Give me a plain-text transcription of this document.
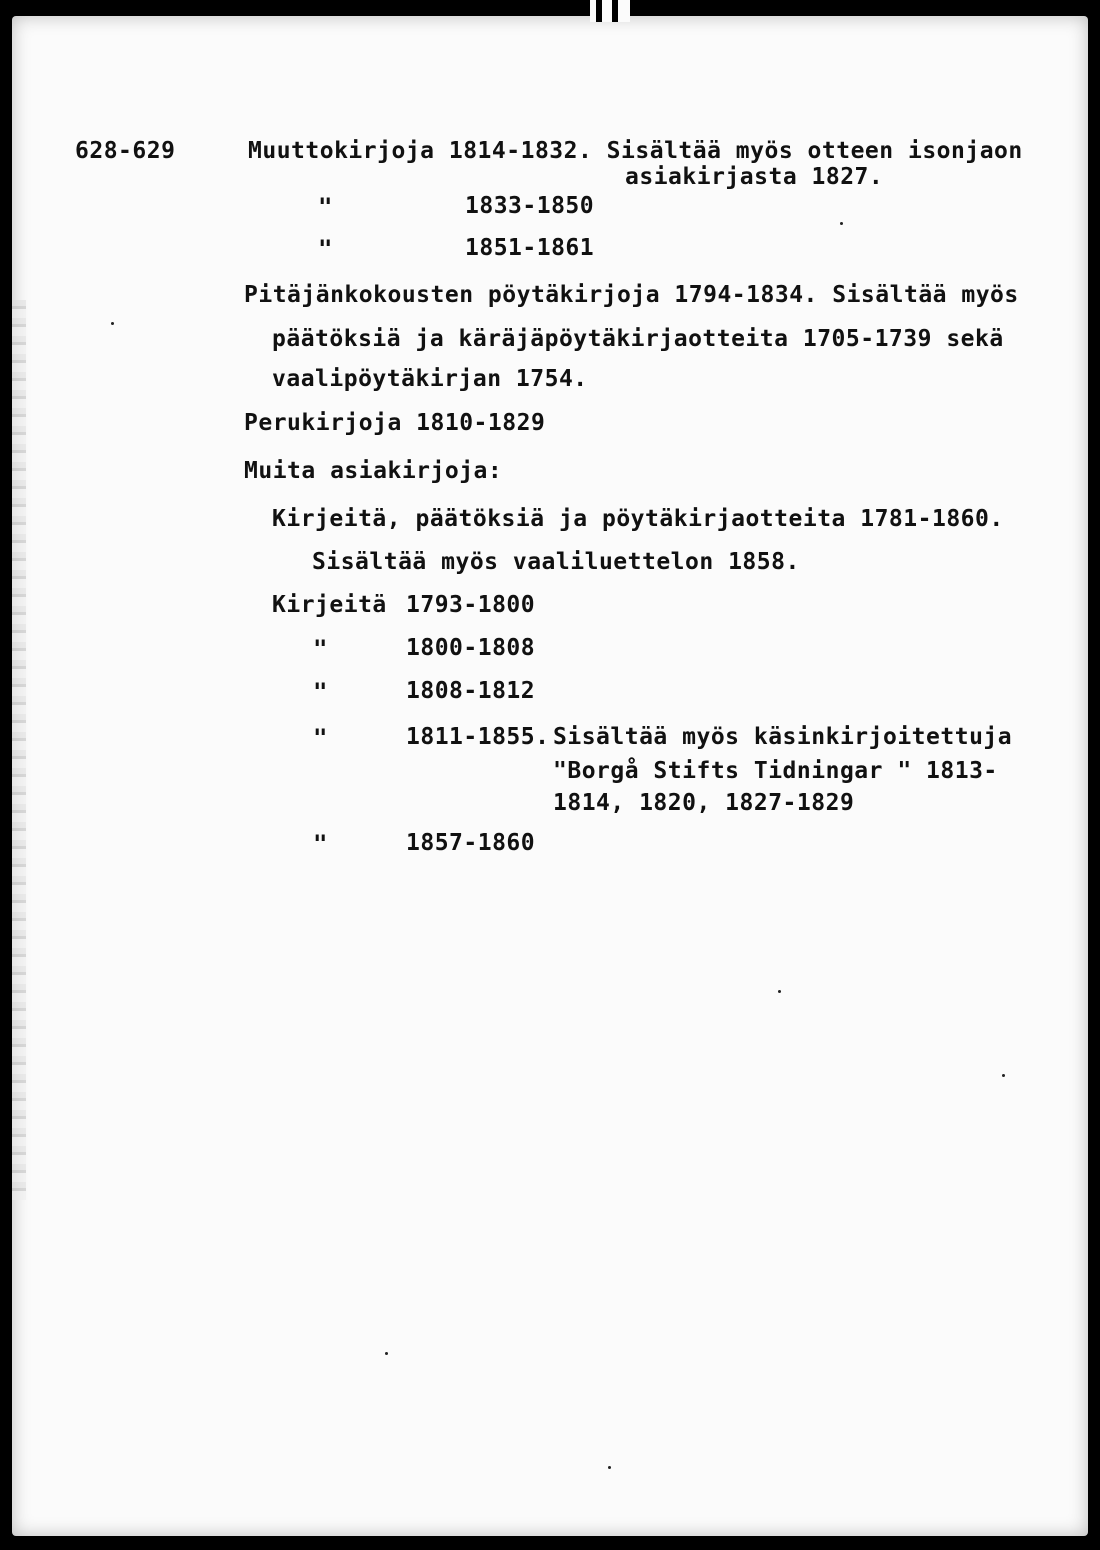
628-629	Muuttokirjoja 1814-1832. Sisältää myös otteen isonjaon
asiakirjasta 1827.
"	1833-1850
"	1851-1861
Pitäjänkokousten pöytäkirjoja 1794-1834. Sisältää myös
päätöksiä ja käräjäpöytäkirjaotteita 1705-1739 sekä
vaalipöytäkirjan 1754.
Perukirjoja 1810-1829
Muita asiakirjoja:
Kirjeitä, päätöksiä ja pöytäkirjaotteita 1781-1860.
Sisältää myös vaaliluettelon 1858.
Kirjeitä 1793-1800
"	1800-1808
"	1808-1812
"	1811-1855. Sisältää myös käsinkirjoitettuja
"Borgå Stifts Tidningar " 1813-
1814, 1820, 1827-1829
"	1857-1860
